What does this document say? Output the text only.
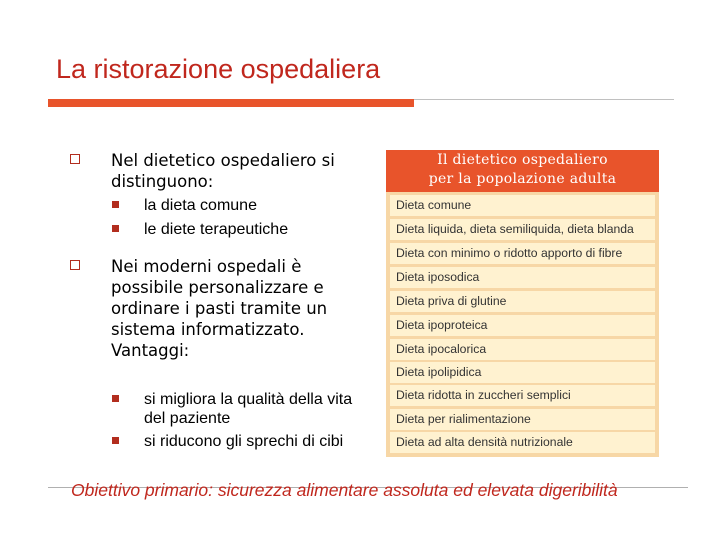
La ristorazione ospedaliera
Nel dietetico ospedaliero si distinguono:
la dieta comune
le diete terapeutiche
Nei moderni ospedali è possibile personalizzare e ordinare i pasti tramite un sistema informatizzato. Vantaggi:
si migliora la qualità della vita del paziente
si riducono gli sprechi di cibi
Il dietetico ospedaliero
per la popolazione adulta
Dieta comune
Dieta liquida, dieta semiliquida, dieta blanda
Dieta con minimo o ridotto apporto di fibre
Dieta iposodica
Dieta priva di glutine
Dieta ipoproteica
Dieta ipocalorica
Dieta ipolipidica
Dieta ridotta in zuccheri semplici
Dieta per rialimentazione
Dieta ad alta densità nutrizionale
Obiettivo primario: sicurezza alimentare assoluta ed elevata digeribilità
